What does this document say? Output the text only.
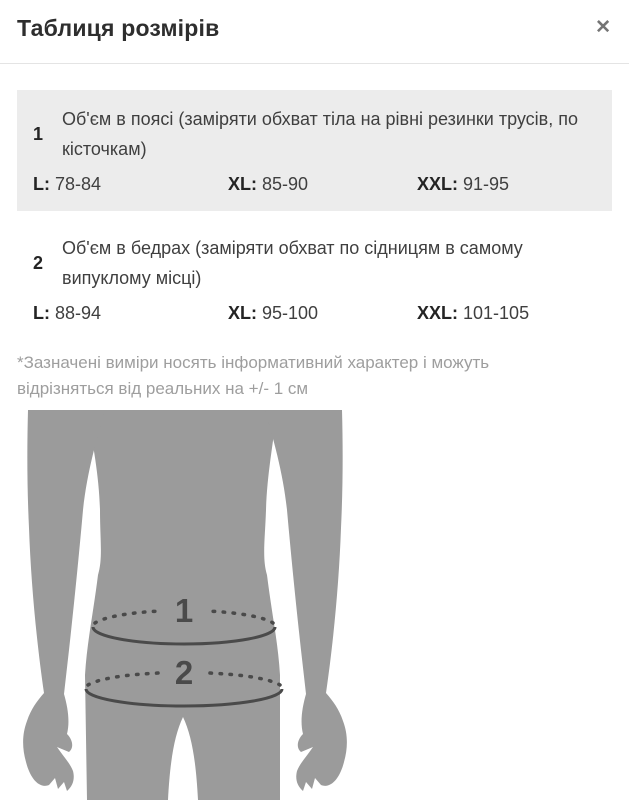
Таблиця розмірів	✕
1
Об'єм в поясі (заміряти обхват тіла на рівні резинки трусів, по кісточкам)
L: 78-84	XL: 85-90	XXL: 91-95
2
Об'єм в бедрах (заміряти обхват по сідницям в самому випуклому місці)
L: 88-94	XL: 95-100	XXL: 101-105
*Зазначені виміри носять інформативний характер і можуть відрізняться від реальних на +/- 1 см
1
2
